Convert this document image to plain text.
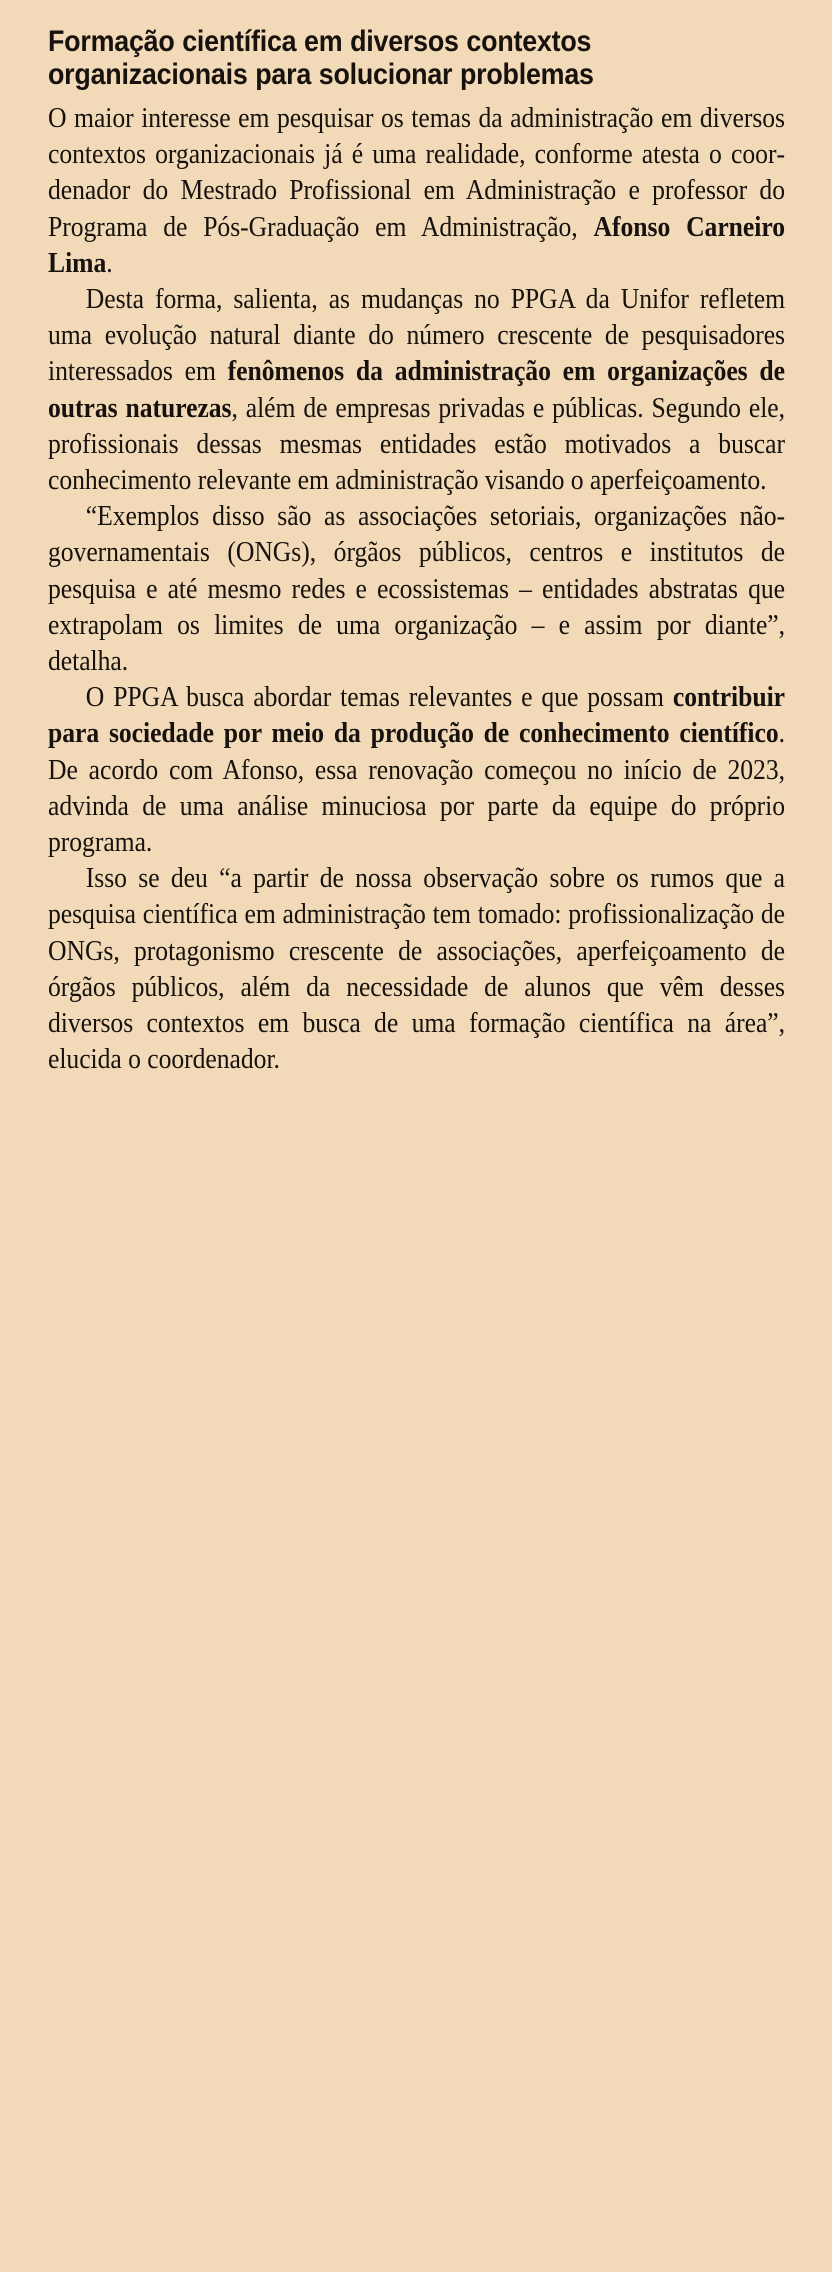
Formação científica em diversos contextos organizacionais para solucionar problemas

O maior interesse em pesquisar os temas da administração em diversos contextos organizacionais já é uma realidade, conforme atesta o coordenador do Mestrado Profissional em Administração e professor do Programa de Pós-Graduação em Administração, Afonso Carneiro Lima.

Desta forma, salienta, as mudanças no PPGA da Unifor refletem uma evolução natural diante do número crescente de pesquisadores interessados em fenômenos da administração em organizações de outras naturezas, além de empresas privadas e públicas. Segundo ele, profissionais dessas mesmas entidades estão motivados a buscar conhecimento relevante em administração visando o aperfeiçoamento.

“Exemplos disso são as associações setoriais, organizações não-governamentais (ONGs), órgãos públicos, centros e institutos de pesquisa e até mesmo redes e ecossistemas – entidades abstratas que extrapolam os limites de uma organização – e assim por diante”, detalha.

O PPGA busca abordar temas relevantes e que possam contribuir para sociedade por meio da produção de conhecimento científico. De acordo com Afonso, essa renovação começou no início de 2023, advinda de uma análise minuciosa por parte da equipe do próprio programa.

Isso se deu “a partir de nossa observação sobre os rumos que a pesquisa científica em administração tem tomado: profissionalização de ONGs, protagonismo crescente de associações, aperfeiçoamento de órgãos públicos, além da necessidade de alunos que vêm desses diversos contextos em busca de uma formação científica na área”, elucida o coordenador.
